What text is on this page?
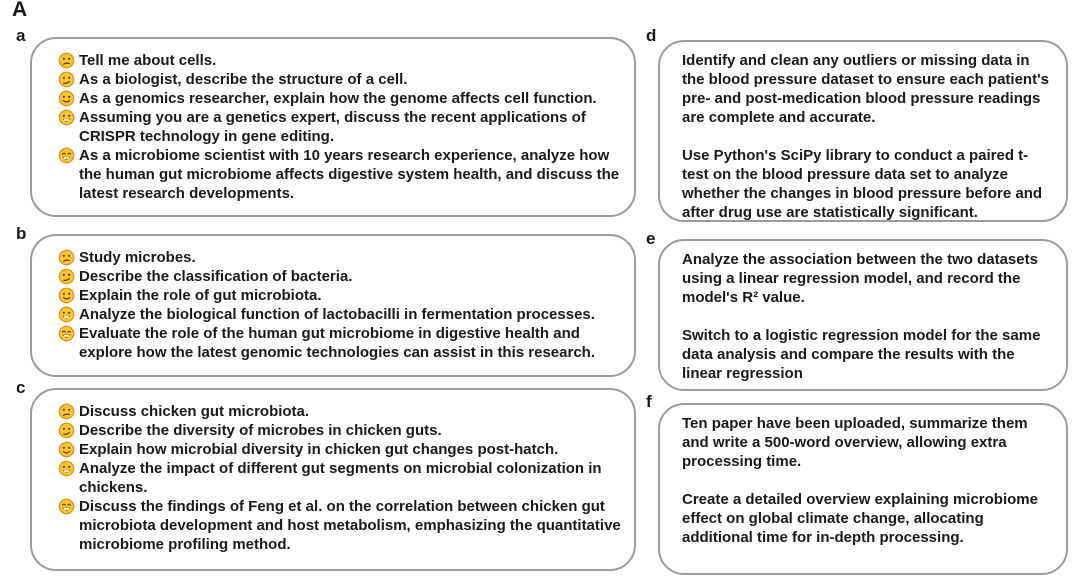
A
a
Tell me about cells.
As a biologist, describe the structure of a cell.
As a genomics researcher, explain how the genome affects cell function.
Assuming you are a genetics expert, discuss the recent applications of CRISPR technology in gene editing.
As a microbiome scientist with 10 years research experience, analyze how the human gut microbiome affects digestive system health, and discuss the latest research developments.
b
Study microbes.
Describe the classification of bacteria.
Explain the role of gut microbiota.
Analyze the biological function of lactobacilli in fermentation processes.
Evaluate the role of the human gut microbiome in digestive health and explore how the latest genomic technologies can assist in this research.
c
Discuss chicken gut microbiota.
Describe the diversity of microbes in chicken guts.
Explain how microbial diversity in chicken gut changes post-hatch.
Analyze the impact of different gut segments on microbial colonization in chickens.
Discuss the findings of Feng et al. on the correlation between chicken gut microbiota development and host metabolism, emphasizing the quantitative microbiome profiling method.
d
Identify and clean any outliers or missing data in the blood pressure dataset to ensure each patient's pre- and post-medication blood pressure readings are complete and accurate.
Use Python's SciPy library to conduct a paired t-test on the blood pressure data set to analyze whether the changes in blood pressure before and after drug use are statistically significant.
e
Analyze the association between the two datasets using a linear regression model, and record the model's R² value.
Switch to a logistic regression model for the same data analysis and compare the results with the linear regression
f
Ten paper have been uploaded, summarize them and write a 500-word overview, allowing extra processing time.
Create a detailed overview explaining microbiome effect on global climate change, allocating additional time for in-depth processing.
